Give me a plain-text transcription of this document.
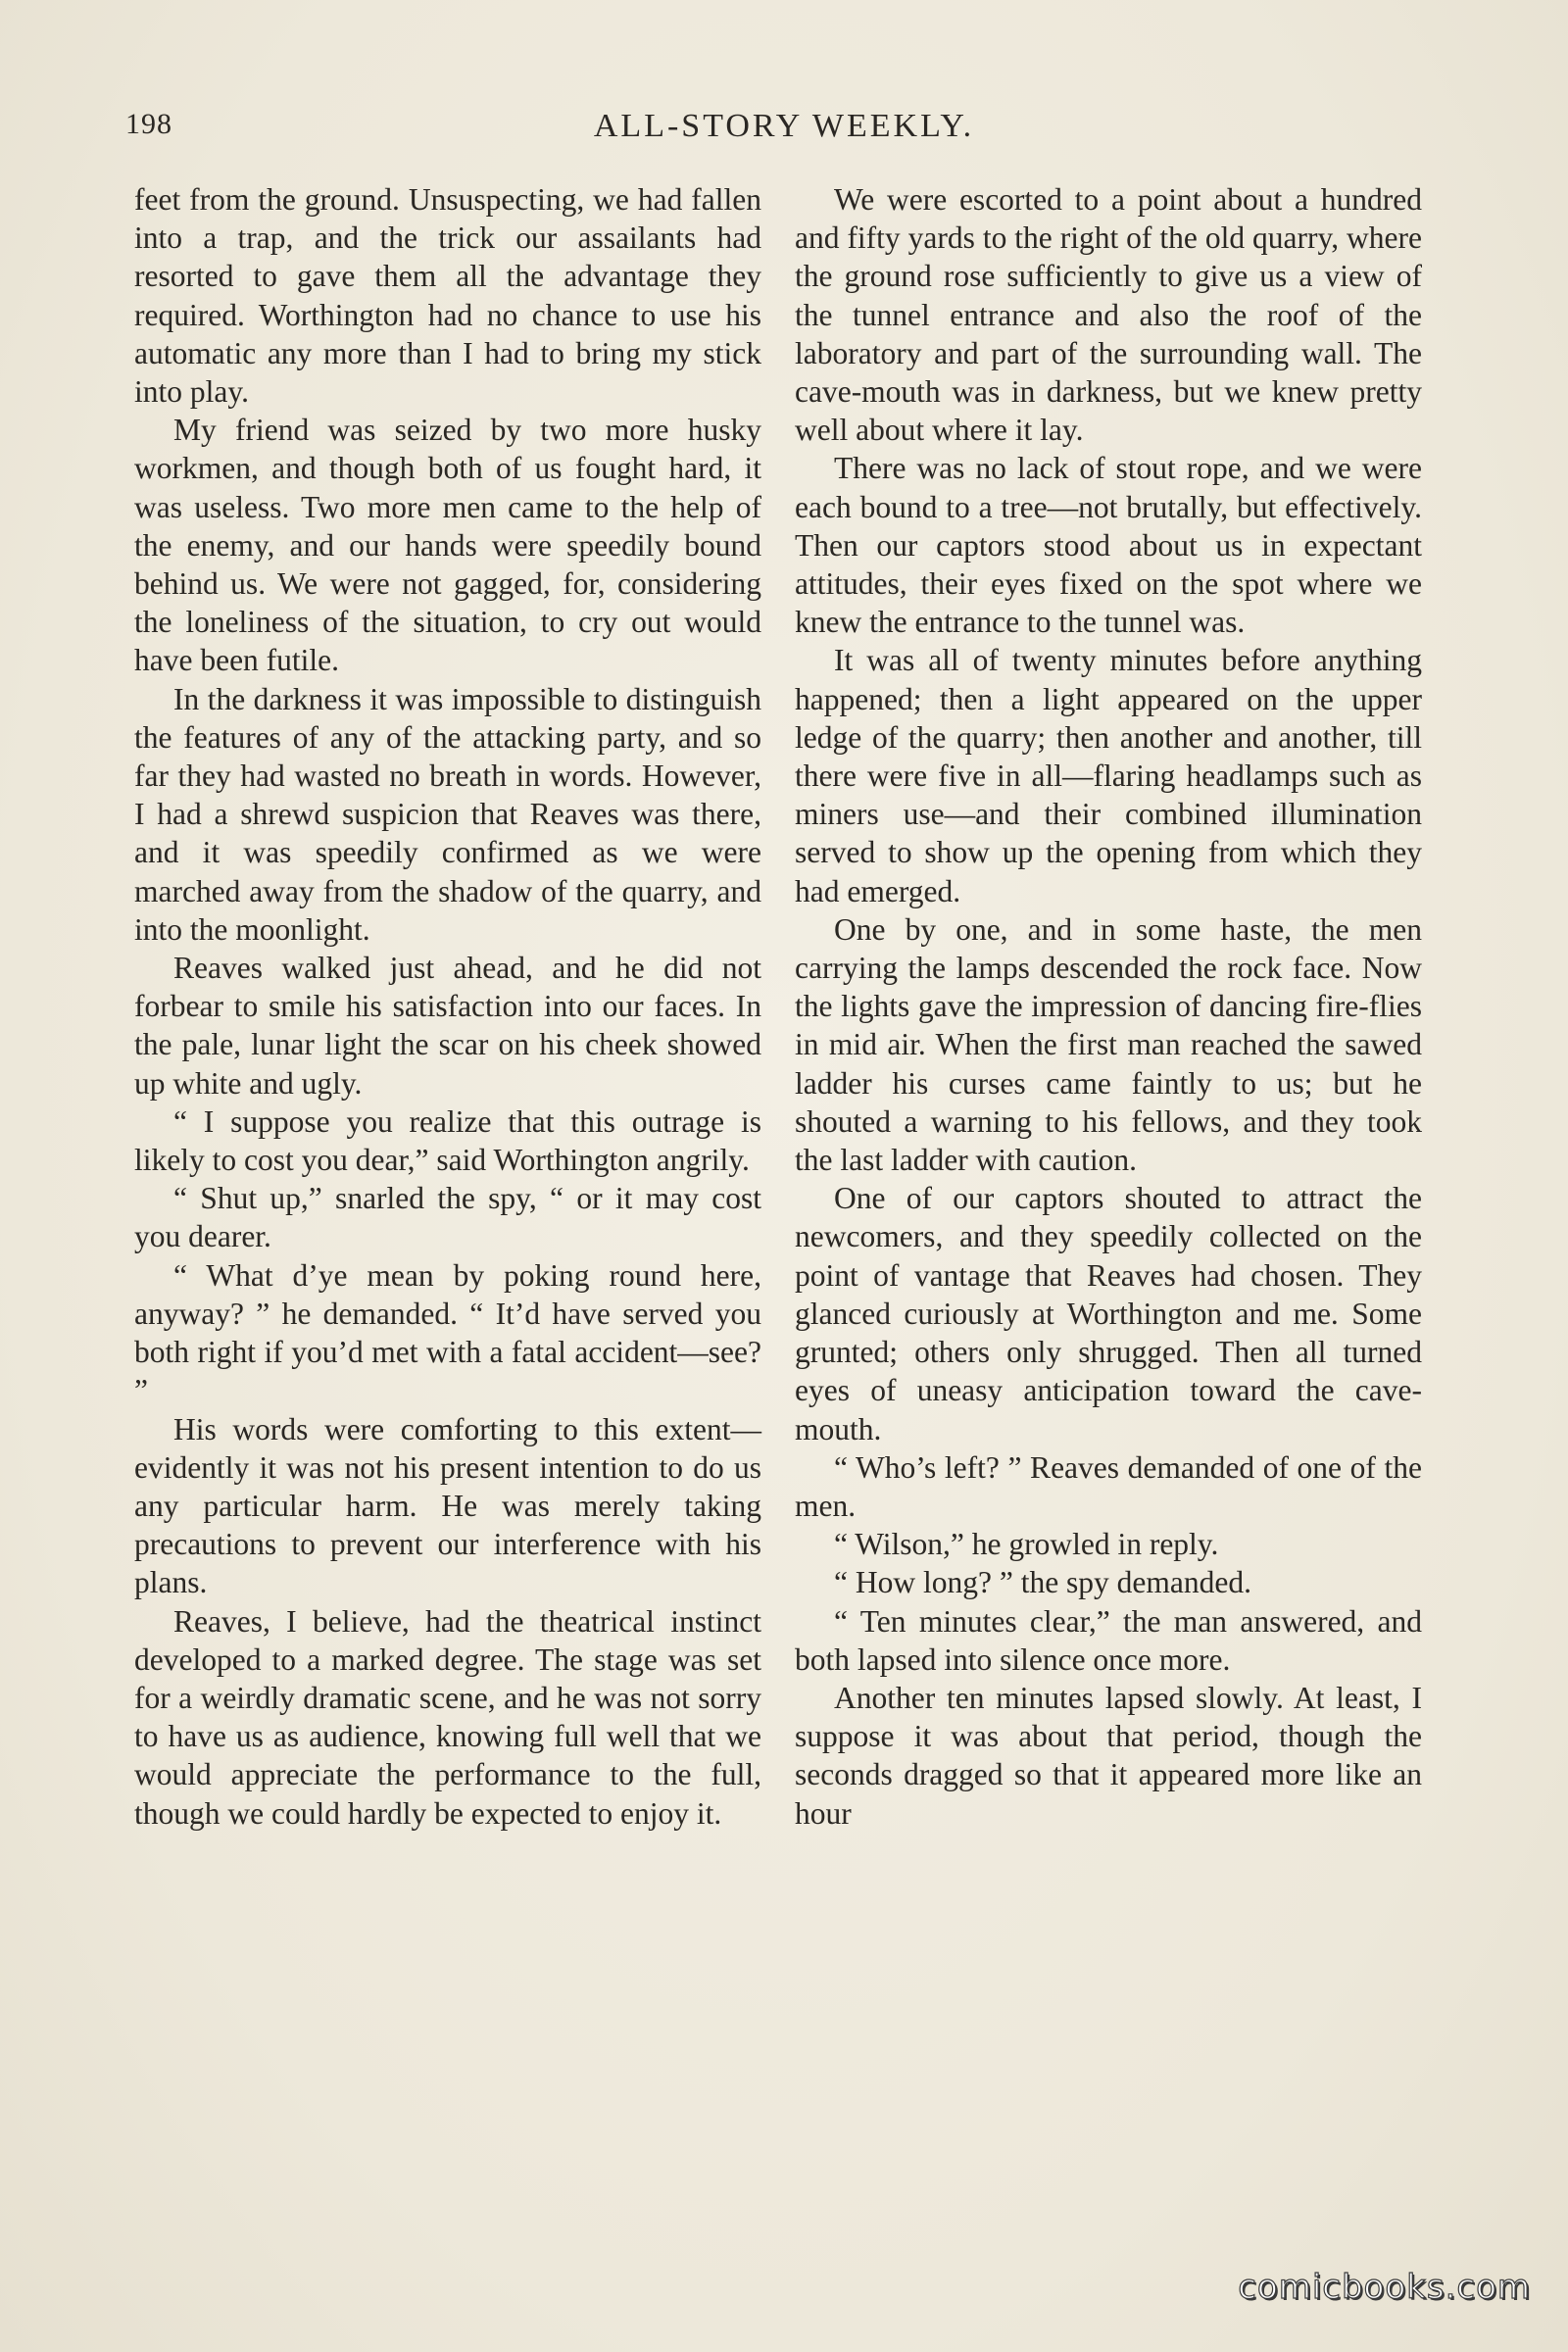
198	ALL-STORY WEEKLY.

feet from the ground. Unsuspecting, we had fallen into a trap, and the trick our assailants had resorted to gave them all the advantage they required. Worthington had no chance to use his automatic any more than I had to bring my stick into play.

My friend was seized by two more husky workmen, and though both of us fought hard, it was useless. Two more men came to the help of the enemy, and our hands were speedily bound behind us. We were not gagged, for, considering the loneliness of the situation, to cry out would have been futile.

In the darkness it was impossible to distinguish the features of any of the attacking party, and so far they had wasted no breath in words. However, I had a shrewd suspicion that Reaves was there, and it was speedily confirmed as we were marched away from the shadow of the quarry, and into the moonlight.

Reaves walked just ahead, and he did not forbear to smile his satisfaction into our faces. In the pale, lunar light the scar on his cheek showed up white and ugly.

“ I suppose you realize that this outrage is likely to cost you dear,” said Worthington angrily.

“ Shut up,” snarled the spy, “ or it may cost you dearer.

“ What d’ye mean by poking round here, anyway? ” he demanded. “ It’d have served you both right if you’d met with a fatal accident—see? ”

His words were comforting to this extent—evidently it was not his present intention to do us any particular harm. He was merely taking precautions to prevent our interference with his plans.

Reaves, I believe, had the theatrical instinct developed to a marked degree. The stage was set for a weirdly dramatic scene, and he was not sorry to have us as audience, knowing full well that we would appreciate the performance to the full, though we could hardly be expected to enjoy it.

We were escorted to a point about a hundred and fifty yards to the right of the old quarry, where the ground rose sufficiently to give us a view of the tunnel entrance and also the roof of the laboratory and part of the surrounding wall. The cave-mouth was in darkness, but we knew pretty well about where it lay.

There was no lack of stout rope, and we were each bound to a tree—not brutally, but effectively. Then our captors stood about us in expectant attitudes, their eyes fixed on the spot where we knew the entrance to the tunnel was.

It was all of twenty minutes before anything happened; then a light appeared on the upper ledge of the quarry; then another and another, till there were five in all—flaring headlamps such as miners use—and their combined illumination served to show up the opening from which they had emerged.

One by one, and in some haste, the men carrying the lamps descended the rock face. Now the lights gave the impression of dancing fire-flies in mid air. When the first man reached the sawed ladder his curses came faintly to us; but he shouted a warning to his fellows, and they took the last ladder with caution.

One of our captors shouted to attract the newcomers, and they speedily collected on the point of vantage that Reaves had chosen. They glanced curiously at Worthington and me. Some grunted; others only shrugged. Then all turned eyes of uneasy anticipation toward the cave-mouth.

“ Who’s left? ” Reaves demanded of one of the men.

“ Wilson,” he growled in reply.

“ How long? ” the spy demanded.

“ Ten minutes clear,” the man answered, and both lapsed into silence once more.

Another ten minutes lapsed slowly. At least, I suppose it was about that period, though the seconds dragged so that it appeared more like an hour

comicbooks.com
